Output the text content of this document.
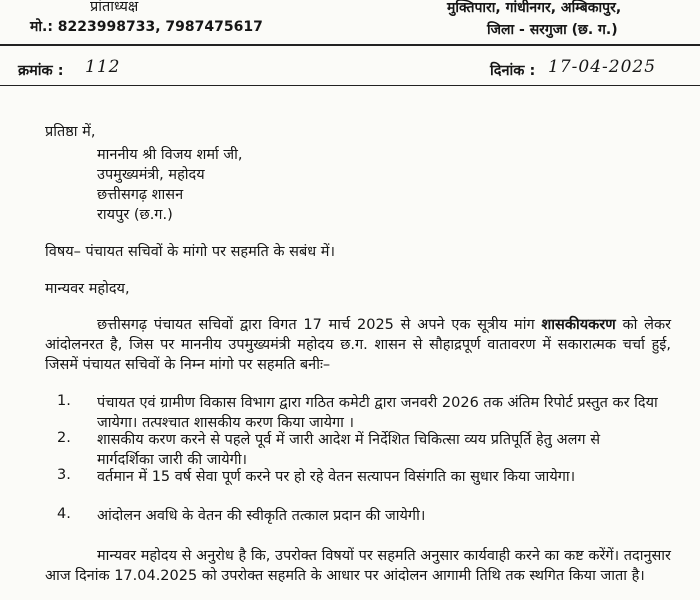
प्रांताध्यक्ष
मो.: 8223998733, 7987475617
मुक्तिपारा, गांधीनगर, अम्बिकापुर,
जिला - सरगुजा (छ. ग.)
क्रमांक : 112	दिनांक : 17-04-2025
प्रतिष्ठा में,
माननीय श्री विजय शर्मा जी,
उपमुख्यमंत्री, महोदय
छत्तीसगढ़ शासन
रायपुर (छ.ग.)
विषय– पंचायत सचिवों के मांगो पर सहमति के सबंध में।
मान्यवर महोदय,
छत्तीसगढ़ पंचायत सचिवों द्वारा विगत 17 मार्च 2025 से अपने एक सूत्रीय मांग शासकीयकरण को लेकर आंदोलनरत है, जिस पर माननीय उपमुख्यमंत्री महोदय छ.ग. शासन से सौहाद्रपूर्ण वातावरण में सकारात्मक चर्चा हुई, जिसमें पंचायत सचिवों के निम्न मांगो पर सहमति बनीः–
1. पंचायत एवं ग्रामीण विकास विभाग द्वारा गठित कमेटी द्वारा जनवरी 2026 तक अंतिम रिपोर्ट प्रस्तुत कर दिया जायेगा। तत्पश्चात शासकीय करण किया जायेगा ।
2. शासकीय करण करने से पहले पूर्व में जारी आदेश में निर्देशित चिकित्सा व्यय प्रतिपूर्ति हेतु अलग से मार्गदर्शिका जारी की जायेगी।
3. वर्तमान में 15 वर्ष सेवा पूर्ण करने पर हो रहे वेतन सत्यापन विसंगति का सुधार किया जायेगा।
4. आंदोलन अवधि के वेतन की स्वीकृति तत्काल प्रदान की जायेगी।
मान्यवर महोदय से अनुरोध है कि, उपरोक्त विषयों पर सहमति अनुसार कार्यवाही करने का कष्ट करेंगें। तदानुसार आज दिनांक 17.04.2025 को उपरोक्त सहमति के आधार पर आंदोलन आगामी तिथि तक स्थगित किया जाता है।
